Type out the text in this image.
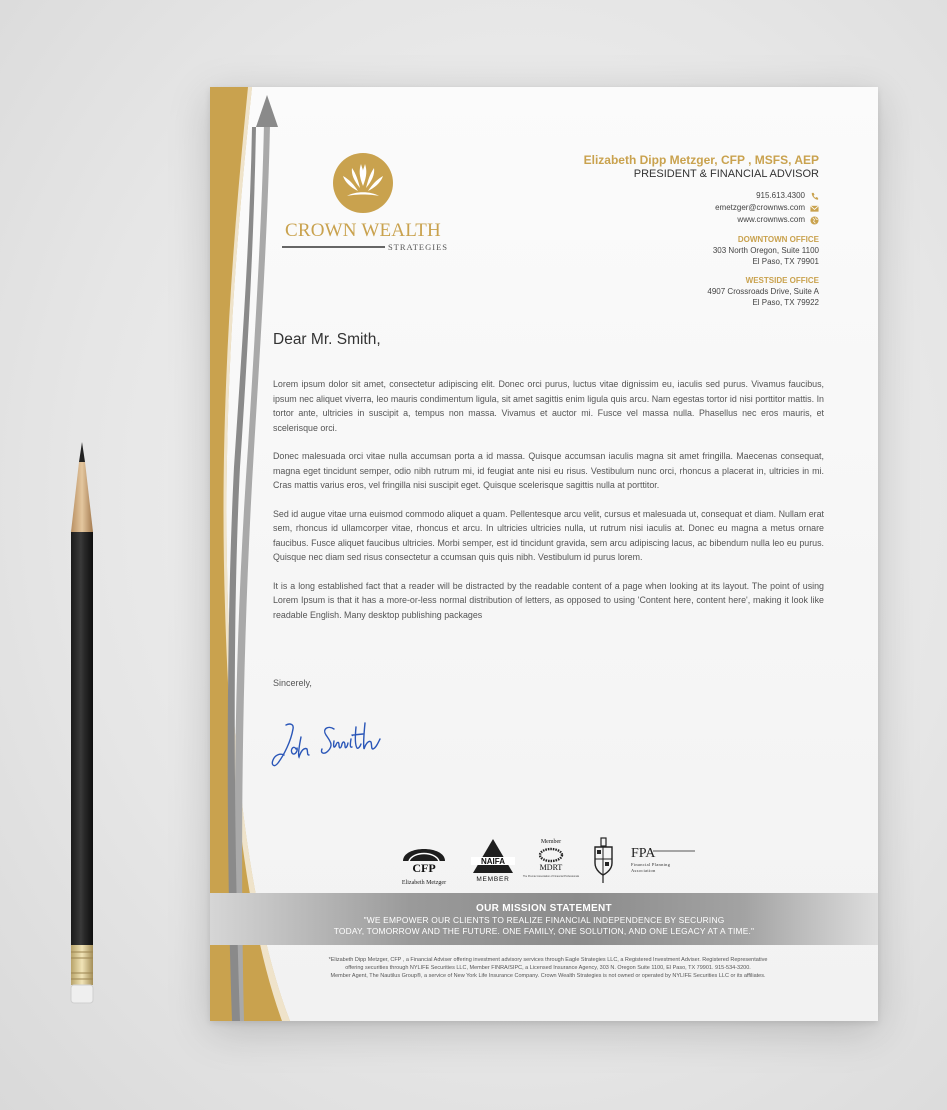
CROWN WEALTH
STRATEGIES
Elizabeth Dipp Metzger, CFP , MSFS, AEP
PRESIDENT & FINANCIAL ADVISOR
915.613.4300
emetzger@crownws.com
www.crownws.com
DOWNTOWN OFFICE
303 North Oregon, Suite 1100
El Paso, TX 79901
WESTSIDE OFFICE
4907 Crossroads Drive, Suite A
El Paso, TX 79922
Dear Mr. Smith,

Lorem ipsum dolor sit amet, consectetur adipiscing elit. Donec orci purus, luctus vitae dignissim eu, iaculis sed purus. Vivamus faucibus, ipsum nec aliquet viverra, leo mauris condimentum ligula, sit amet sagittis enim ligula quis arcu. Nam egestas tortor id nisi porttitor mattis. In tortor ante, ultricies in suscipit a, tempus non massa. Vivamus et auctor mi. Fusce vel massa nulla. Phasellus nec eros mauris, et scelerisque orci.

Donec malesuada orci vitae nulla accumsan porta a id massa. Quisque accumsan iaculis magna sit amet fringilla. Maecenas consequat, magna eget tincidunt semper, odio nibh rutrum mi, id feugiat ante nisi eu risus. Vestibulum nunc orci, rhoncus a placerat in, ultricies in mi. Cras mattis varius eros, vel fringilla nisi suscipit eget. Quisque scelerisque sagittis nulla at porttitor.

Sed id augue vitae urna euismod commodo aliquet a quam. Pellentesque arcu velit, cursus et malesuada ut, consequat et diam. Nullam erat sem, rhoncus id ullamcorper vitae, rhoncus et arcu. In ultricies ultricies nulla, ut rutrum nisi iaculis at. Donec eu magna a metus ornare faucibus. Fusce aliquet faucibus ultricies. Morbi semper, est id tincidunt gravida, sem arcu adipiscing lacus, ac bibendum nulla leo eu purus. Quisque nec diam sed risus consectetur a ccumsan quis quis nibh. Vestibulum id purus lorem.

It is a long established fact that a reader will be distracted by the readable content of a page when looking at its layout. The point of using Lorem Ipsum is that it has a more-or-less normal distribution of letters, as opposed to using 'Content here, content here', making it look like readable English. Many desktop publishing packages

Sincerely,
CFP
Elizabeth Metzger
NAIFA
MEMBER
Member
MDRT
The Premier Association of Financial Professionals
FPA
Financial Planning
Association
OUR MISSION STATEMENT
"WE EMPOWER OUR CLIENTS TO REALIZE FINANCIAL INDEPENDENCE BY SECURING
TODAY, TOMORROW AND THE FUTURE. ONE FAMILY, ONE SOLUTION, AND ONE LEGACY AT A TIME."
*Elizabeth Dipp Metzger, CFP , a Financial Adviser offering investment advisory services through Eagle Strategies LLC, a Registered Investment Adviser. Registered Representative
offering securities through NYLIFE Securities LLC, Member FINRA/SIPC, a Licensed Insurance Agency, 303 N. Oregon Suite 1100, El Paso, TX 79901. 915-534-3200.
Member Agent, The Nautilus Group®, a service of New York Life Insurance Company. Crown Wealth Strategies is not owned or operated by NYLIFE Securities LLC or its affiliates.
